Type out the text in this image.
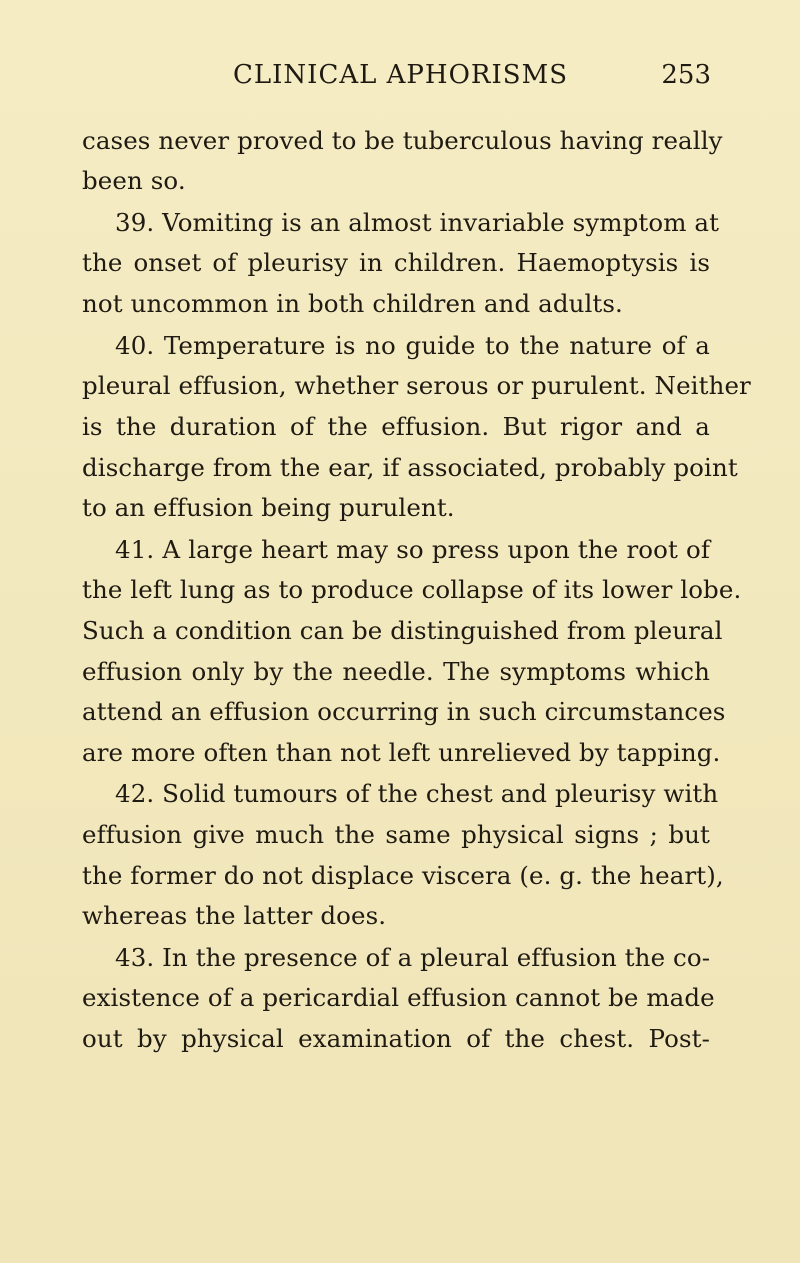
CLINICAL APHORISMS	253
cases never proved to be tuberculous having really
been so.
39. Vomiting is an almost invariable symptom at
the onset of pleurisy in children. Haemoptysis is
not uncommon in both children and adults.
40. Temperature is no guide to the nature of a
pleural effusion, whether serous or purulent. Neither
is the duration of the effusion. But rigor and a
discharge from the ear, if associated, probably point
to an effusion being purulent.
41. A large heart may so press upon the root of
the left lung as to produce collapse of its lower lobe.
Such a condition can be distinguished from pleural
effusion only by the needle. The symptoms which
attend an effusion occurring in such circumstances
are more often than not left unrelieved by tapping.
42. Solid tumours of the chest and pleurisy with
effusion give much the same physical signs ; but
the former do not displace viscera (e. g. the heart),
whereas the latter does.
43. In the presence of a pleural effusion the co-
existence of a pericardial effusion cannot be made
out by physical examination of the chest. Post-
